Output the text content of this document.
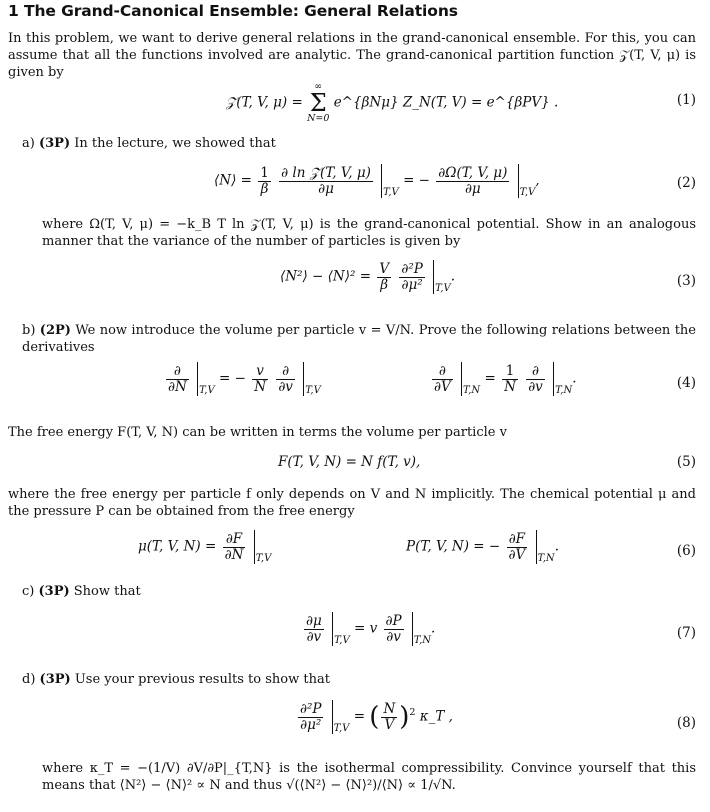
1 The Grand-Canonical Ensemble: General Relations
In this problem, we want to derive general relations in the grand-canonical ensemble. For this, you can assume that all the functions involved are analytic. The grand-canonical partition function 𝒵(T, V, μ) is given by
𝒵(T, V, μ) =
∞
Σ
N=0
e^{βNμ} Z_N(T, V) = e^{βPV} .	(1)
a) (3P) In the lecture, we showed that
⟨N⟩ = $\frac{1}{\beta}$
$\frac{\text{∂ ln 𝒵(T, V, μ)}}{\partial\mu} _{T,V}$ = − $\frac{\partial\Omega(T, V, \mu)}{\partial\mu} _{T,V}$,	(2)
where Ω(T, V, μ) = −k_B T ln 𝒵(T, V, μ) is the grand-canonical potential. Show in an analogous manner that the variance of the number of particles is given by
⟨N²⟩ − ⟨N⟩² = $\frac{V}{\beta}$
$\frac{\text{∂²P}}{\text{∂μ²}} _{T,V}$.	(3)
b) (2P) We now introduce the volume per particle v = V/N. Prove the following relations between the derivatives
$\frac{\partial}{\partial N} _{T,V}$ = − $\frac{v}{N}$
$\frac{\partial}{\partial v} _{T,V}$	$\frac{\partial}{\partial V} _{T,N} = \frac{1}{N}$
$\frac{\partial}{\partial v} _{T,N}$.	(4)
The free energy F(T, V, N) can be written in terms the volume per particle v
F(T, V, N) = N f(T, v),	(5)
where the free energy per particle f only depends on V and N implicitly. The chemical potential μ and the pressure P can be obtained from the free energy
μ(T, V, $N) = \frac{\partial F}{\partial N} _{T,V}$
P(T, V, N) = − $\frac{\partial F}{\partial V} _{T,N}$.	(6)
c) (3P) Show that
$\frac{\partial\mu}{\partial v} _{T,V} = v \frac{\partial P}{\partial v} _{T,N}$.	(7)
d) (3P) Use your previous results to show that
$\frac{\text{∂²P}}{\text{∂μ²}} _{T,V}$ = ( $\frac{N}{V} )^2$ κ_T ,	(8)
where κ_T = −(1/V) ∂V/∂P|_{T,N} is the isothermal compressibility. Convince yourself that this means that ⟨N²⟩ − ⟨N⟩² ∝ N and thus √(⟨N²⟩ − ⟨N⟩²)/⟨N⟩ ∝ 1/√N.
